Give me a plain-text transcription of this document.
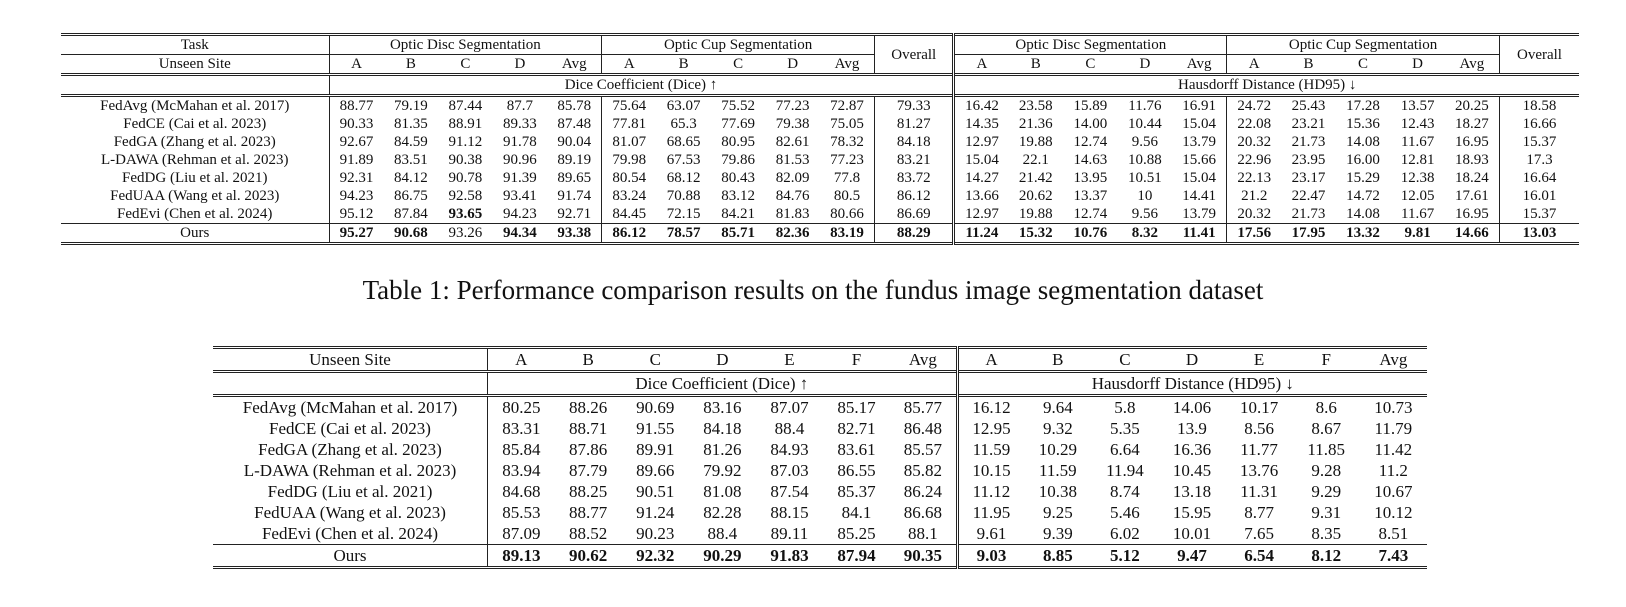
Task	Optic Disc Segmentation					Optic Cup Segmentation					Overall	Optic Disc Segmentation					Optic Cup Segmentation					Overall
Unseen Site	A	B	C	D	Avg	A	B	C	D	Avg		A	B	C	D	Avg	A	B	C	D	Avg	
	Dice Coefficient (Dice) ↑											Hausdorff Distance (HD95) ↓										
FedAvg (McMahan et al. 2017)	88.77	79.19	87.44	87.7	85.78	75.64	63.07	75.52	77.23	72.87	79.33	16.42	23.58	15.89	11.76	16.91	24.72	25.43	17.28	13.57	20.25	18.58
FedCE (Cai et al. 2023)	90.33	81.35	88.91	89.33	87.48	77.81	65.3	77.69	79.38	75.05	81.27	14.35	21.36	14.00	10.44	15.04	22.08	23.21	15.36	12.43	18.27	16.66
FedGA (Zhang et al. 2023)	92.67	84.59	91.12	91.78	90.04	81.07	68.65	80.95	82.61	78.32	84.18	12.97	19.88	12.74	9.56	13.79	20.32	21.73	14.08	11.67	16.95	15.37
L-DAWA (Rehman et al. 2023)	91.89	83.51	90.38	90.96	89.19	79.98	67.53	79.86	81.53	77.23	83.21	15.04	22.1	14.63	10.88	15.66	22.96	23.95	16.00	12.81	18.93	17.3
FedDG (Liu et al. 2021)	92.31	84.12	90.78	91.39	89.65	80.54	68.12	80.43	82.09	77.8	83.72	14.27	21.42	13.95	10.51	15.04	22.13	23.17	15.29	12.38	18.24	16.64
FedUAA (Wang et al. 2023)	94.23	86.75	92.58	93.41	91.74	83.24	70.88	83.12	84.76	80.5	86.12	13.66	20.62	13.37	10	14.41	21.2	22.47	14.72	12.05	17.61	16.01
FedEvi (Chen et al. 2024)	95.12	87.84	93.65	94.23	92.71	84.45	72.15	84.21	81.83	80.66	86.69	12.97	19.88	12.74	9.56	13.79	20.32	21.73	14.08	11.67	16.95	15.37
Ours	95.27	90.68	93.26	94.34	93.38	86.12	78.57	85.71	82.36	83.19	88.29	11.24	15.32	10.76	8.32	11.41	17.56	17.95	13.32	9.81	14.66	13.03
Table 1: Performance comparison results on the fundus image segmentation dataset
Unseen Site	A	B	C	D	E	F	Avg	A	B	C	D	E	F	Avg
	Dice Coefficient (Dice) ↑							Hausdorff Distance (HD95) ↓						
FedAvg (McMahan et al. 2017)	80.25	88.26	90.69	83.16	87.07	85.17	85.77	16.12	9.64	5.8	14.06	10.17	8.6	10.73
FedCE (Cai et al. 2023)	83.31	88.71	91.55	84.18	88.4	82.71	86.48	12.95	9.32	5.35	13.9	8.56	8.67	11.79
FedGA (Zhang et al. 2023)	85.84	87.86	89.91	81.26	84.93	83.61	85.57	11.59	10.29	6.64	16.36	11.77	11.85	11.42
L-DAWA (Rehman et al. 2023)	83.94	87.79	89.66	79.92	87.03	86.55	85.82	10.15	11.59	11.94	10.45	13.76	9.28	11.2
FedDG (Liu et al. 2021)	84.68	88.25	90.51	81.08	87.54	85.37	86.24	11.12	10.38	8.74	13.18	11.31	9.29	10.67
FedUAA (Wang et al. 2023)	85.53	88.77	91.24	82.28	88.15	84.1	86.68	11.95	9.25	5.46	15.95	8.77	9.31	10.12
FedEvi (Chen et al. 2024)	87.09	88.52	90.23	88.4	89.11	85.25	88.1	9.61	9.39	6.02	10.01	7.65	8.35	8.51
Ours	89.13	90.62	92.32	90.29	91.83	87.94	90.35	9.03	8.85	5.12	9.47	6.54	8.12	7.43
